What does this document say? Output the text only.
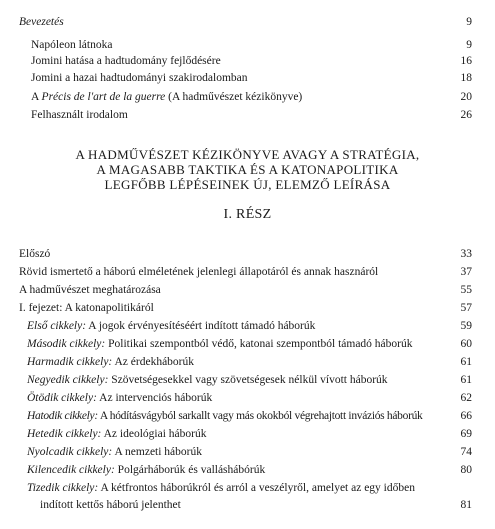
Bevezetés	9
Napóleon látnoka	9
Jomini hatása a hadtudomány fejlődésére	16
Jomini a hazai hadtudományi szakirodalomban	18
A Précis de l'art de la guerre (A hadművészet kézikönyve)	20
Felhasznált irodalom	26
A HADMŰVÉSZET KÉZIKÖNYVE AVAGY A STRATÉGIA,
A MAGASABB TAKTIKA ÉS A KATONAPOLITIKA
LEGFŐBB LÉPÉSEINEK ÚJ, ELEMZŐ LEÍRÁSA
I. RÉSZ
Előszó	33
Rövid ismertető a háború elméletének jelenlegi állapotáról és annak hasznáról	37
A hadművészet meghatározása	55
I. fejezet: A katonapolitikáról	57
Első cikkely: A jogok érvényesítéséért indított támadó háborúk	59
Második cikkely: Politikai szempontból védő, katonai szempontból támadó háborúk	60
Harmadik cikkely: Az érdekháborúk	61
Negyedik cikkely: Szövetségesekkel vagy szövetségesek nélkül vívott háborúk	61
Ötödik cikkely: Az intervenciós háborúk	62
Hatodik cikkely: A hódításvágyból sarkallt vagy más okokból végrehajtott inváziós háborúk	66
Hetedik cikkely: Az ideológiai háborúk	69
Nyolcadik cikkely: A nemzeti háborúk	74
Kilencedik cikkely: Polgárháborúk és valláshábórúk	80
Tizedik cikkely: A kétfrontos háborúkról és arról a veszélyről, amelyet az egy időben
indított kettős háború jelenthet	81
